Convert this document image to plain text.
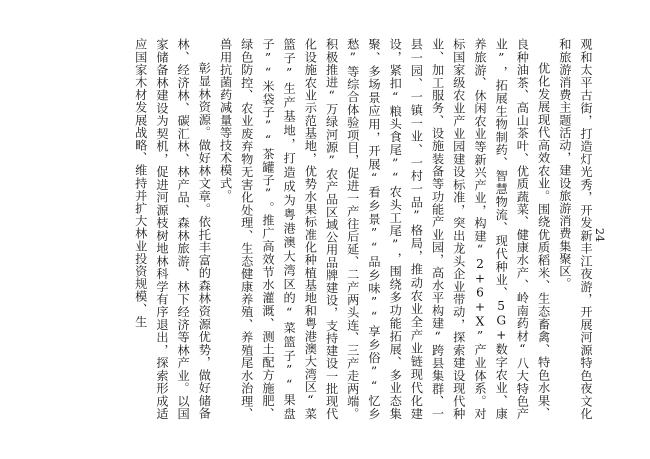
观和太平古街，打造灯光秀，开发新丰江夜游，开展河源特色夜文化和旅游消费主题活动，建设旅游消费集聚区。

优化发展现代高效农业。围绕优质稻米、生态畜禽、特色水果、良种油茶、高山茶叶、优质蔬菜、健康水产、岭南药材“八大特色产业”，拓展生物制药、智慧物流、现代种业、5G+数字农业、康养旅游、休闲农业等新兴产业，构建“2+6+X”产业体系。对标国家级农业产业园建设标准，突出龙头企业带动，探索建设现代种业、加工服务、设施装备等功能产业园，高水平构建“跨县集群、一县一园、一镇一业、一村一品”格局，推动农业全产业链现代化建设，紧扣“粮头食尾”“农头工尾”，围绕多功能拓展、多业态集聚、多场景应用，开展“看乡景”“品乡味”“享乡俗”“忆乡愁”等综合体验项目，促进一产往后延、二产两头连、三产走两端。积极推进“万绿河源”农产品区域公用品牌建设，支持建设一批现代化设施农业示范基地，优势水果标准化种植基地和粤港澳大湾区“菜篮子”生产基地，打造成为粤港澳大湾区的“菜篮子”“果盘子”“米袋子”“茶罐子”。推广高效节水灌溉、测土配方施肥、绿色防控、农业废弃物无害化处理、生态健康养殖、养殖尾水治理、兽用抗菌药减量等技术模式。

彰显林资源。做好林文章。依托丰富的森林资源优势，做好储备林、经济林、碳汇林、林产品、森林旅游、林下经济等林产业。以国家储备林建设为契机，促进河源枝树地林科学有序退出，探索形成适应国家木材发展战略、维持并扩大林业投资规模、生	24
